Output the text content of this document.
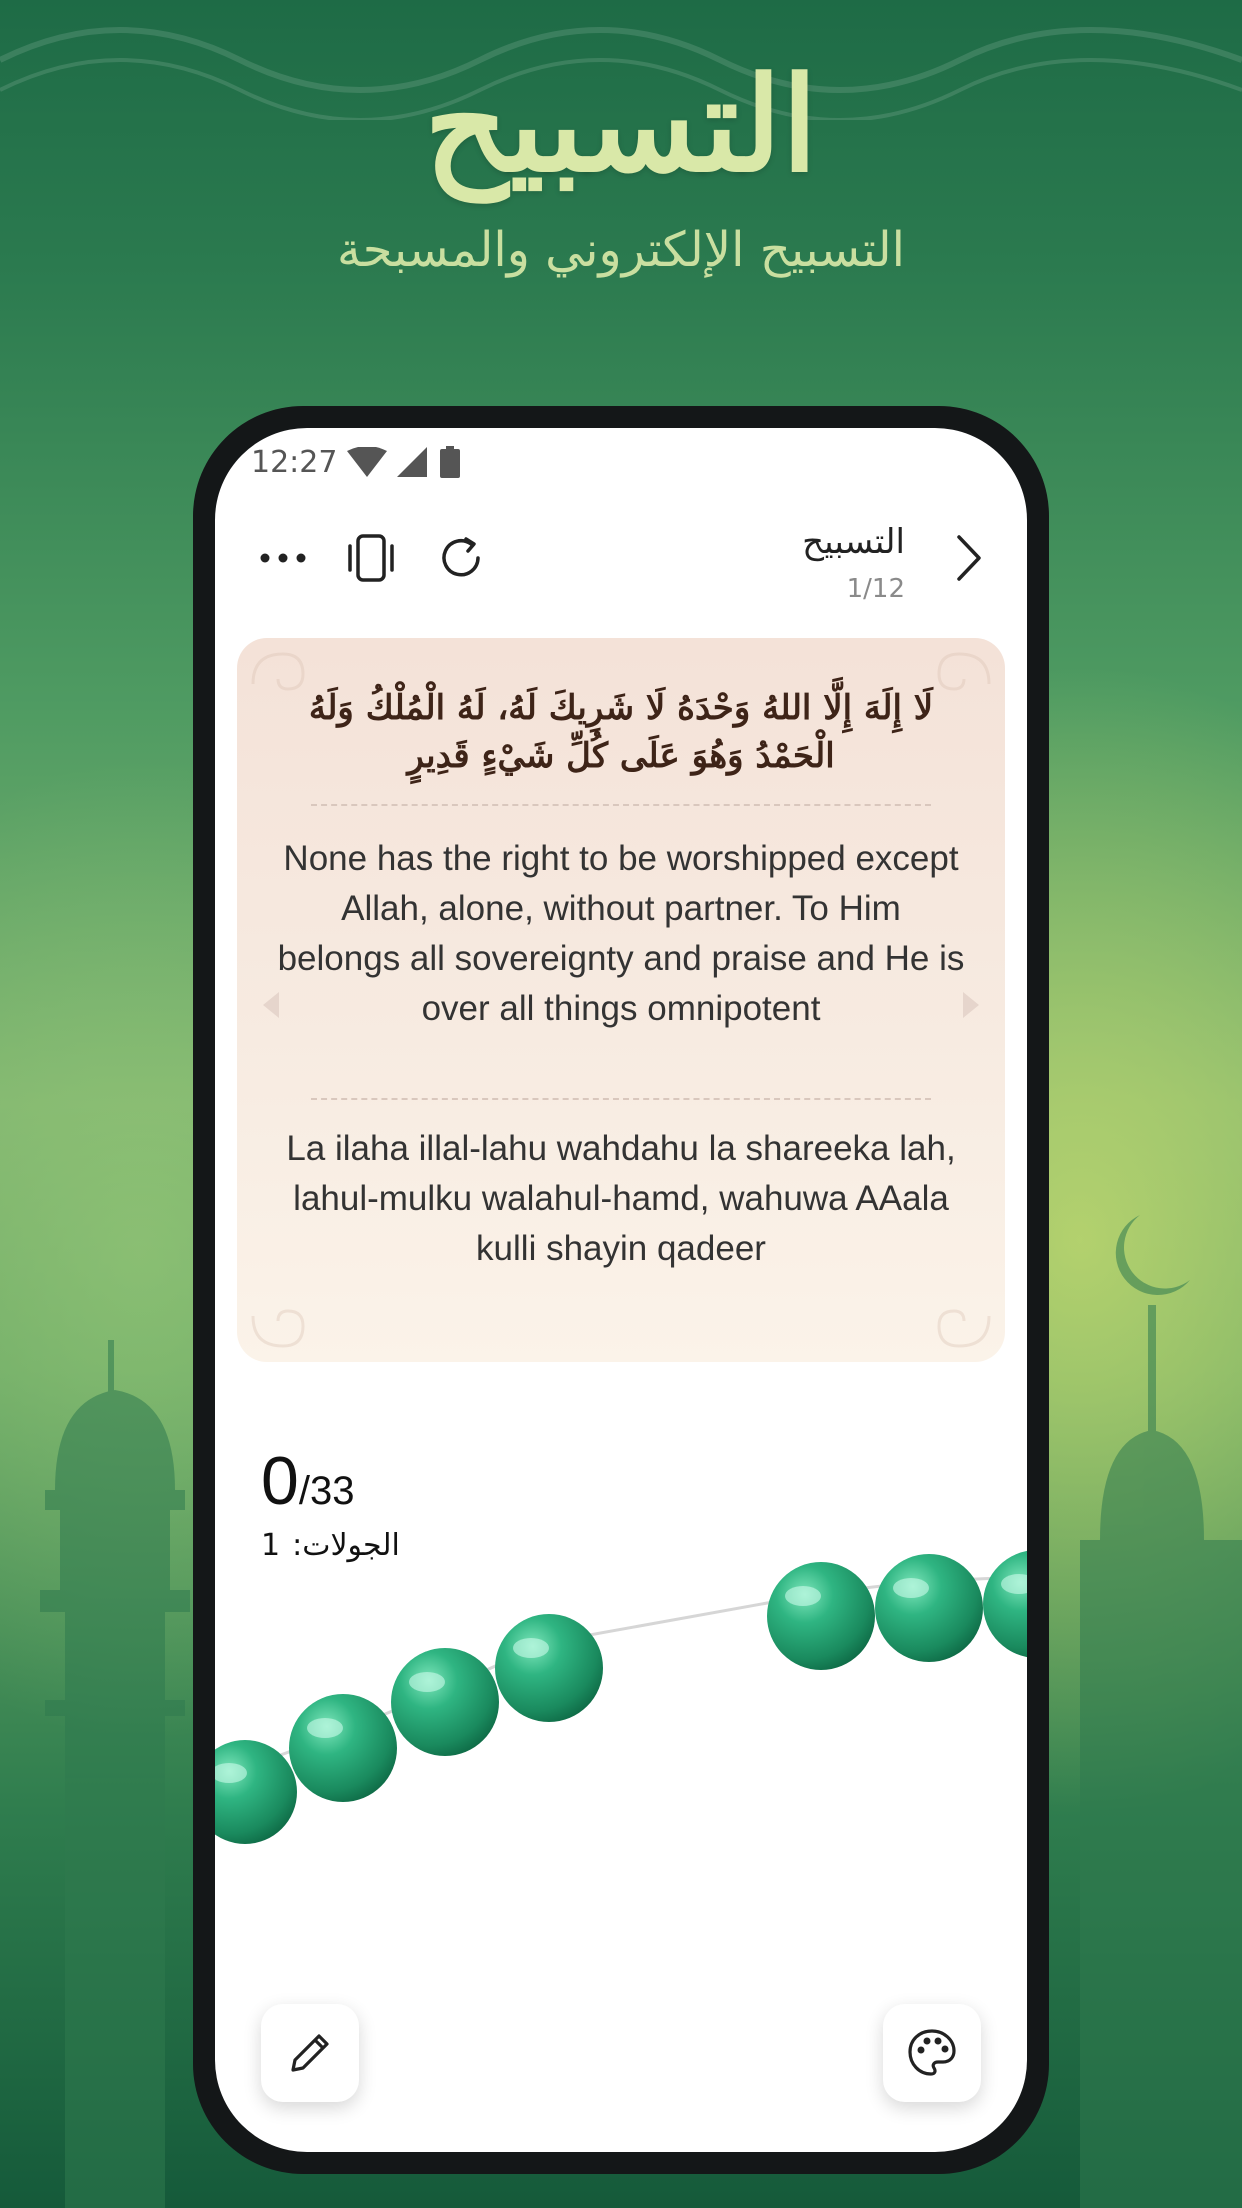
التسبيح
التسبيح الإلكتروني والمسبحة
12:27
التسبيح
1/12
لَا إِلَهَ إِلَّا اللهُ وَحْدَهُ لَا شَرِيكَ لَهُ، لَهُ الْمُلْكُ وَلَهُ الْحَمْدُ وَهُوَ عَلَى كُلِّ شَيْءٍ قَدِيرٍ
None has the right to be worshipped except Allah, alone, without partner. To Him belongs all sovereignty and praise and He is over all things omnipotent
La ilaha illal-lahu wahdahu la shareeka lah, lahul-mulku walahul-hamd, wahuwa AAala kulli shayin qadeer
0/33
الجولات:
1
